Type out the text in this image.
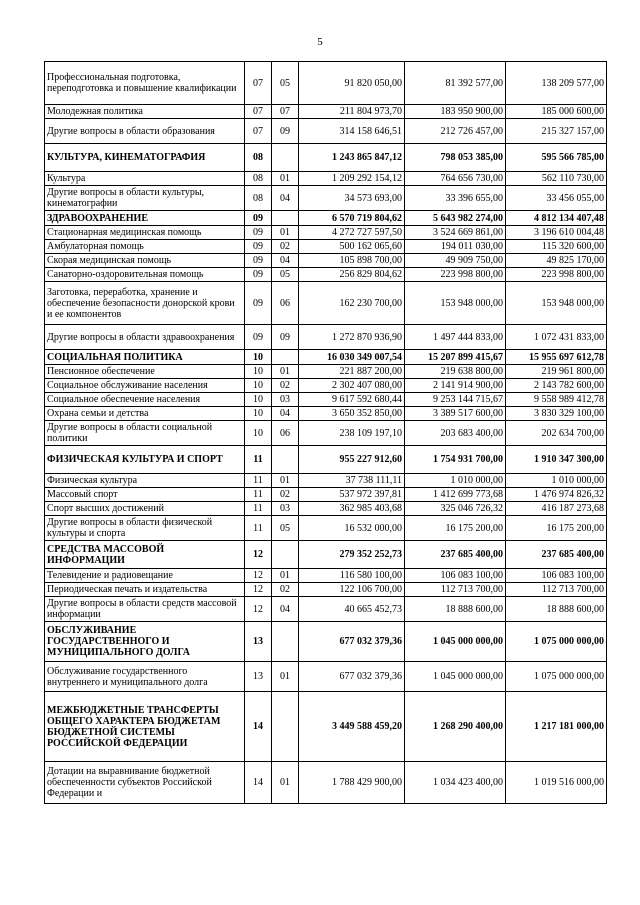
5
Профессиональная подготовка, переподготовка и повышение квалификации	07	05	91 820 050,00	81 392 577,00	138 209 577,00
Молодежная политика	07	07	211 804 973,70	183 950 900,00	185 000 600,00
Другие вопросы в области образования	07	09	314 158 646,51	212 726 457,00	215 327 157,00
КУЛЬТУРА, КИНЕМАТОГРАФИЯ	08		1 243 865 847,12	798 053 385,00	595 566 785,00
Культура	08	01	1 209 292 154,12	764 656 730,00	562 110 730,00
Другие вопросы в области культуры, кинематографии	08	04	34 573 693,00	33 396 655,00	33 456 055,00
ЗДРАВООХРАНЕНИЕ	09		6 570 719 804,62	5 643 982 274,00	4 812 134 407,48
Стационарная медицинская помощь	09	01	4 272 727 597,50	3 524 669 861,00	3 196 610 004,48
Амбулаторная помощь	09	02	500 162 065,60	194 011 030,00	115 320 600,00
Скорая медицинская помощь	09	04	105 898 700,00	49 909 750,00	49 825 170,00
Санаторно-оздоровительная помощь	09	05	256 829 804,62	223 998 800,00	223 998 800,00
Заготовка, переработка, хранение и обеспечение безопасности донорской крови и ее компонентов	09	06	162 230 700,00	153 948 000,00	153 948 000,00
Другие вопросы в области здравоохранения	09	09	1 272 870 936,90	1 497 444 833,00	1 072 431 833,00
СОЦИАЛЬНАЯ ПОЛИТИКА	10		16 030 349 007,54	15 207 899 415,67	15 955 697 612,78
Пенсионное обеспечение	10	01	221 887 200,00	219 638 800,00	219 961 800,00
Социальное обслуживание населения	10	02	2 302 407 080,00	2 141 914 900,00	2 143 782 600,00
Социальное обеспечение населения	10	03	9 617 592 680,44	9 253 144 715,67	9 558 989 412,78
Охрана семьи и детства	10	04	3 650 352 850,00	3 389 517 600,00	3 830 329 100,00
Другие вопросы в области социальной политики	10	06	238 109 197,10	203 683 400,00	202 634 700,00
ФИЗИЧЕСКАЯ КУЛЬТУРА И СПОРТ	11		955 227 912,60	1 754 931 700,00	1 910 347 300,00
Физическая культура	11	01	37 738 111,11	1 010 000,00	1 010 000,00
Массовый спорт	11	02	537 972 397,81	1 412 699 773,68	1 476 974 826,32
Спорт высших достижений	11	03	362 985 403,68	325 046 726,32	416 187 273,68
Другие вопросы в области физической культуры и спорта	11	05	16 532 000,00	16 175 200,00	16 175 200,00
СРЕДСТВА МАССОВОЙ ИНФОРМАЦИИ	12		279 352 252,73	237 685 400,00	237 685 400,00
Телевидение и радиовещание	12	01	116 580 100,00	106 083 100,00	106 083 100,00
Периодическая печать и издательства	12	02	122 106 700,00	112 713 700,00	112 713 700,00
Другие вопросы в области средств массовой информации	12	04	40 665 452,73	18 888 600,00	18 888 600,00
ОБСЛУЖИВАНИЕ ГОСУДАРСТВЕННОГО И МУНИЦИПАЛЬНОГО ДОЛГА	13		677 032 379,36	1 045 000 000,00	1 075 000 000,00
Обслуживание государственного внутреннего и муниципального долга	13	01	677 032 379,36	1 045 000 000,00	1 075 000 000,00
МЕЖБЮДЖЕТНЫЕ ТРАНСФЕРТЫ ОБЩЕГО ХАРАКТЕРА БЮДЖЕТАМ БЮДЖЕТНОЙ СИСТЕМЫ РОССИЙСКОЙ ФЕДЕРАЦИИ	14		3 449 588 459,20	1 268 290 400,00	1 217 181 000,00
Дотации на выравнивание бюджетной обеспеченности субъектов Российской Федерации и	14	01	1 788 429 900,00	1 034 423 400,00	1 019 516 000,00
